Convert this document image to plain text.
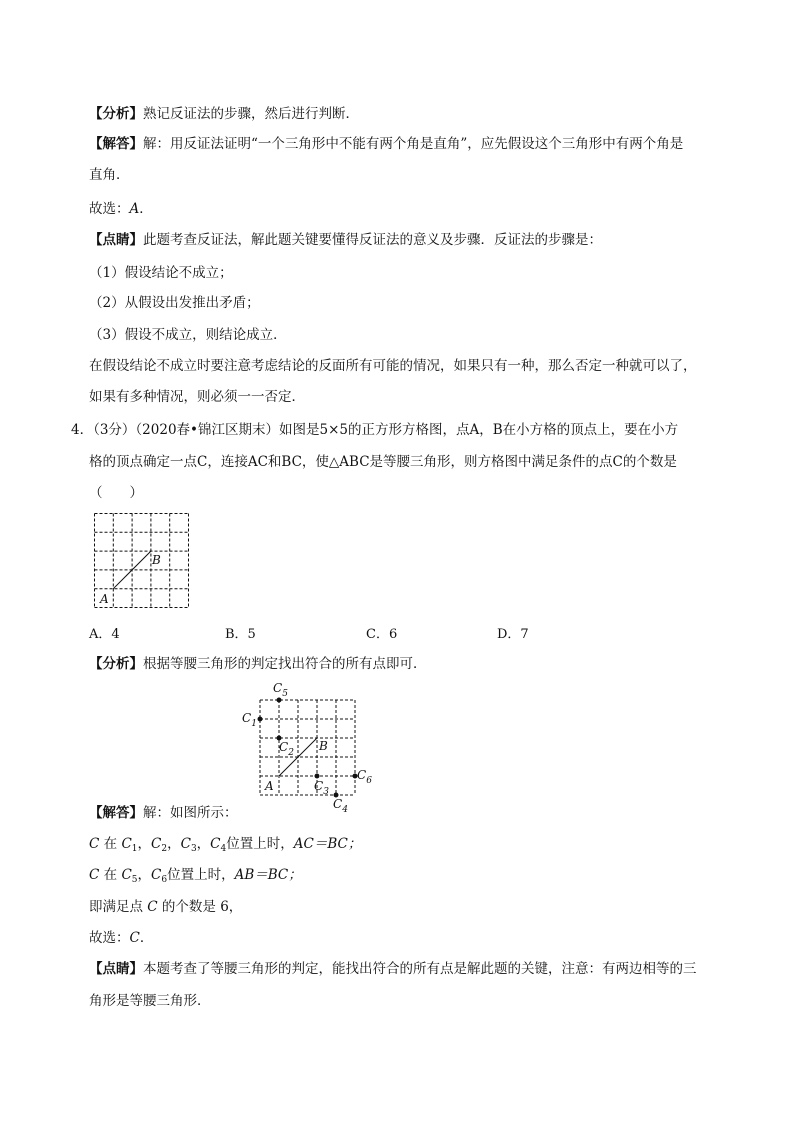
【分析】熟记反证法的步骤，然后进行判断．
【解答】解：用反证法证明“一个三角形中不能有两个角是直角”，应先假设这个三角形中有两个角是
直角．
故选：A．
【点睛】此题考查反证法，解此题关键要懂得反证法的意义及步骤．反证法的步骤是：
（1）假设结论不成立；
（2）从假设出发推出矛盾；
（3）假设不成立，则结论成立．
在假设结论不成立时要注意考虑结论的反面所有可能的情况，如果只有一种，那么否定一种就可以了，
如果有多种情况，则必须一一否定．
4．（3分）（2020春•锦江区期末）如图是5×5的正方形方格图，点A，B在小方格的顶点上，要在小方
格的顶点确定一点C，连接AC和BC，使△ABC是等腰三角形，则方格图中满足条件的点C的个数是
（　　）
A
B
A．4	B．5	C．6	D．7
【分析】根据等腰三角形的判定找出符合的所有点即可．
A
B
$C_1$
$C_2$
$C_3$
$C_4$
$C_5$
$C_6$
【解答】解：如图所示：
C 在 $C_1$，$C_2$，$C_3$，$C_4$位置上时，AC＝BC；
C 在 $C_5$，$C_6$位置上时，AB＝BC；
即满足点 C 的个数是 6，
故选：C．
【点睛】本题考查了等腰三角形的判定，能找出符合的所有点是解此题的关键，注意：有两边相等的三
角形是等腰三角形．
